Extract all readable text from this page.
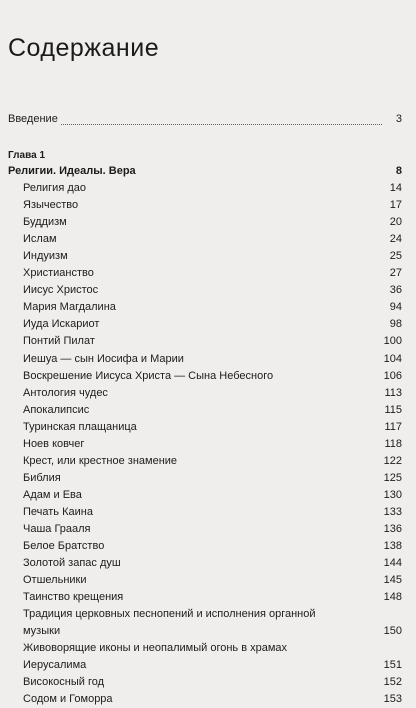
Содержание
Введение	3
Глава 1
Религии. Идеалы. Вера	8
Религия дао	14
Язычество	17
Буддизм	20
Ислам	24
Индуизм	25
Христианство	27
Иисус Христос	36
Мария Магдалина	94
Иуда Искариот	98
Понтий Пилат	100
Иешуа — сын Иосифа и Марии	104
Воскрешение Иисуса Христа — Сына Небесного	106
Антология чудес	113
Апокалипсис	115
Туринская плащаница	117
Ноев ковчег	118
Крест, или крестное знамение	122
Библия	125
Адам и Ева	130
Печать Каина	133
Чаша Грааля	136
Белое Братство	138
Золотой запас душ	144
Отшельники	145
Таинство крещения	148
Традиция церковных песнопений и исполнения органной
музыки	150
Живоворящие иконы и неопалимый огонь в храмах
Иерусалима	151
Високосный год	152
Содом и Гоморра	153
